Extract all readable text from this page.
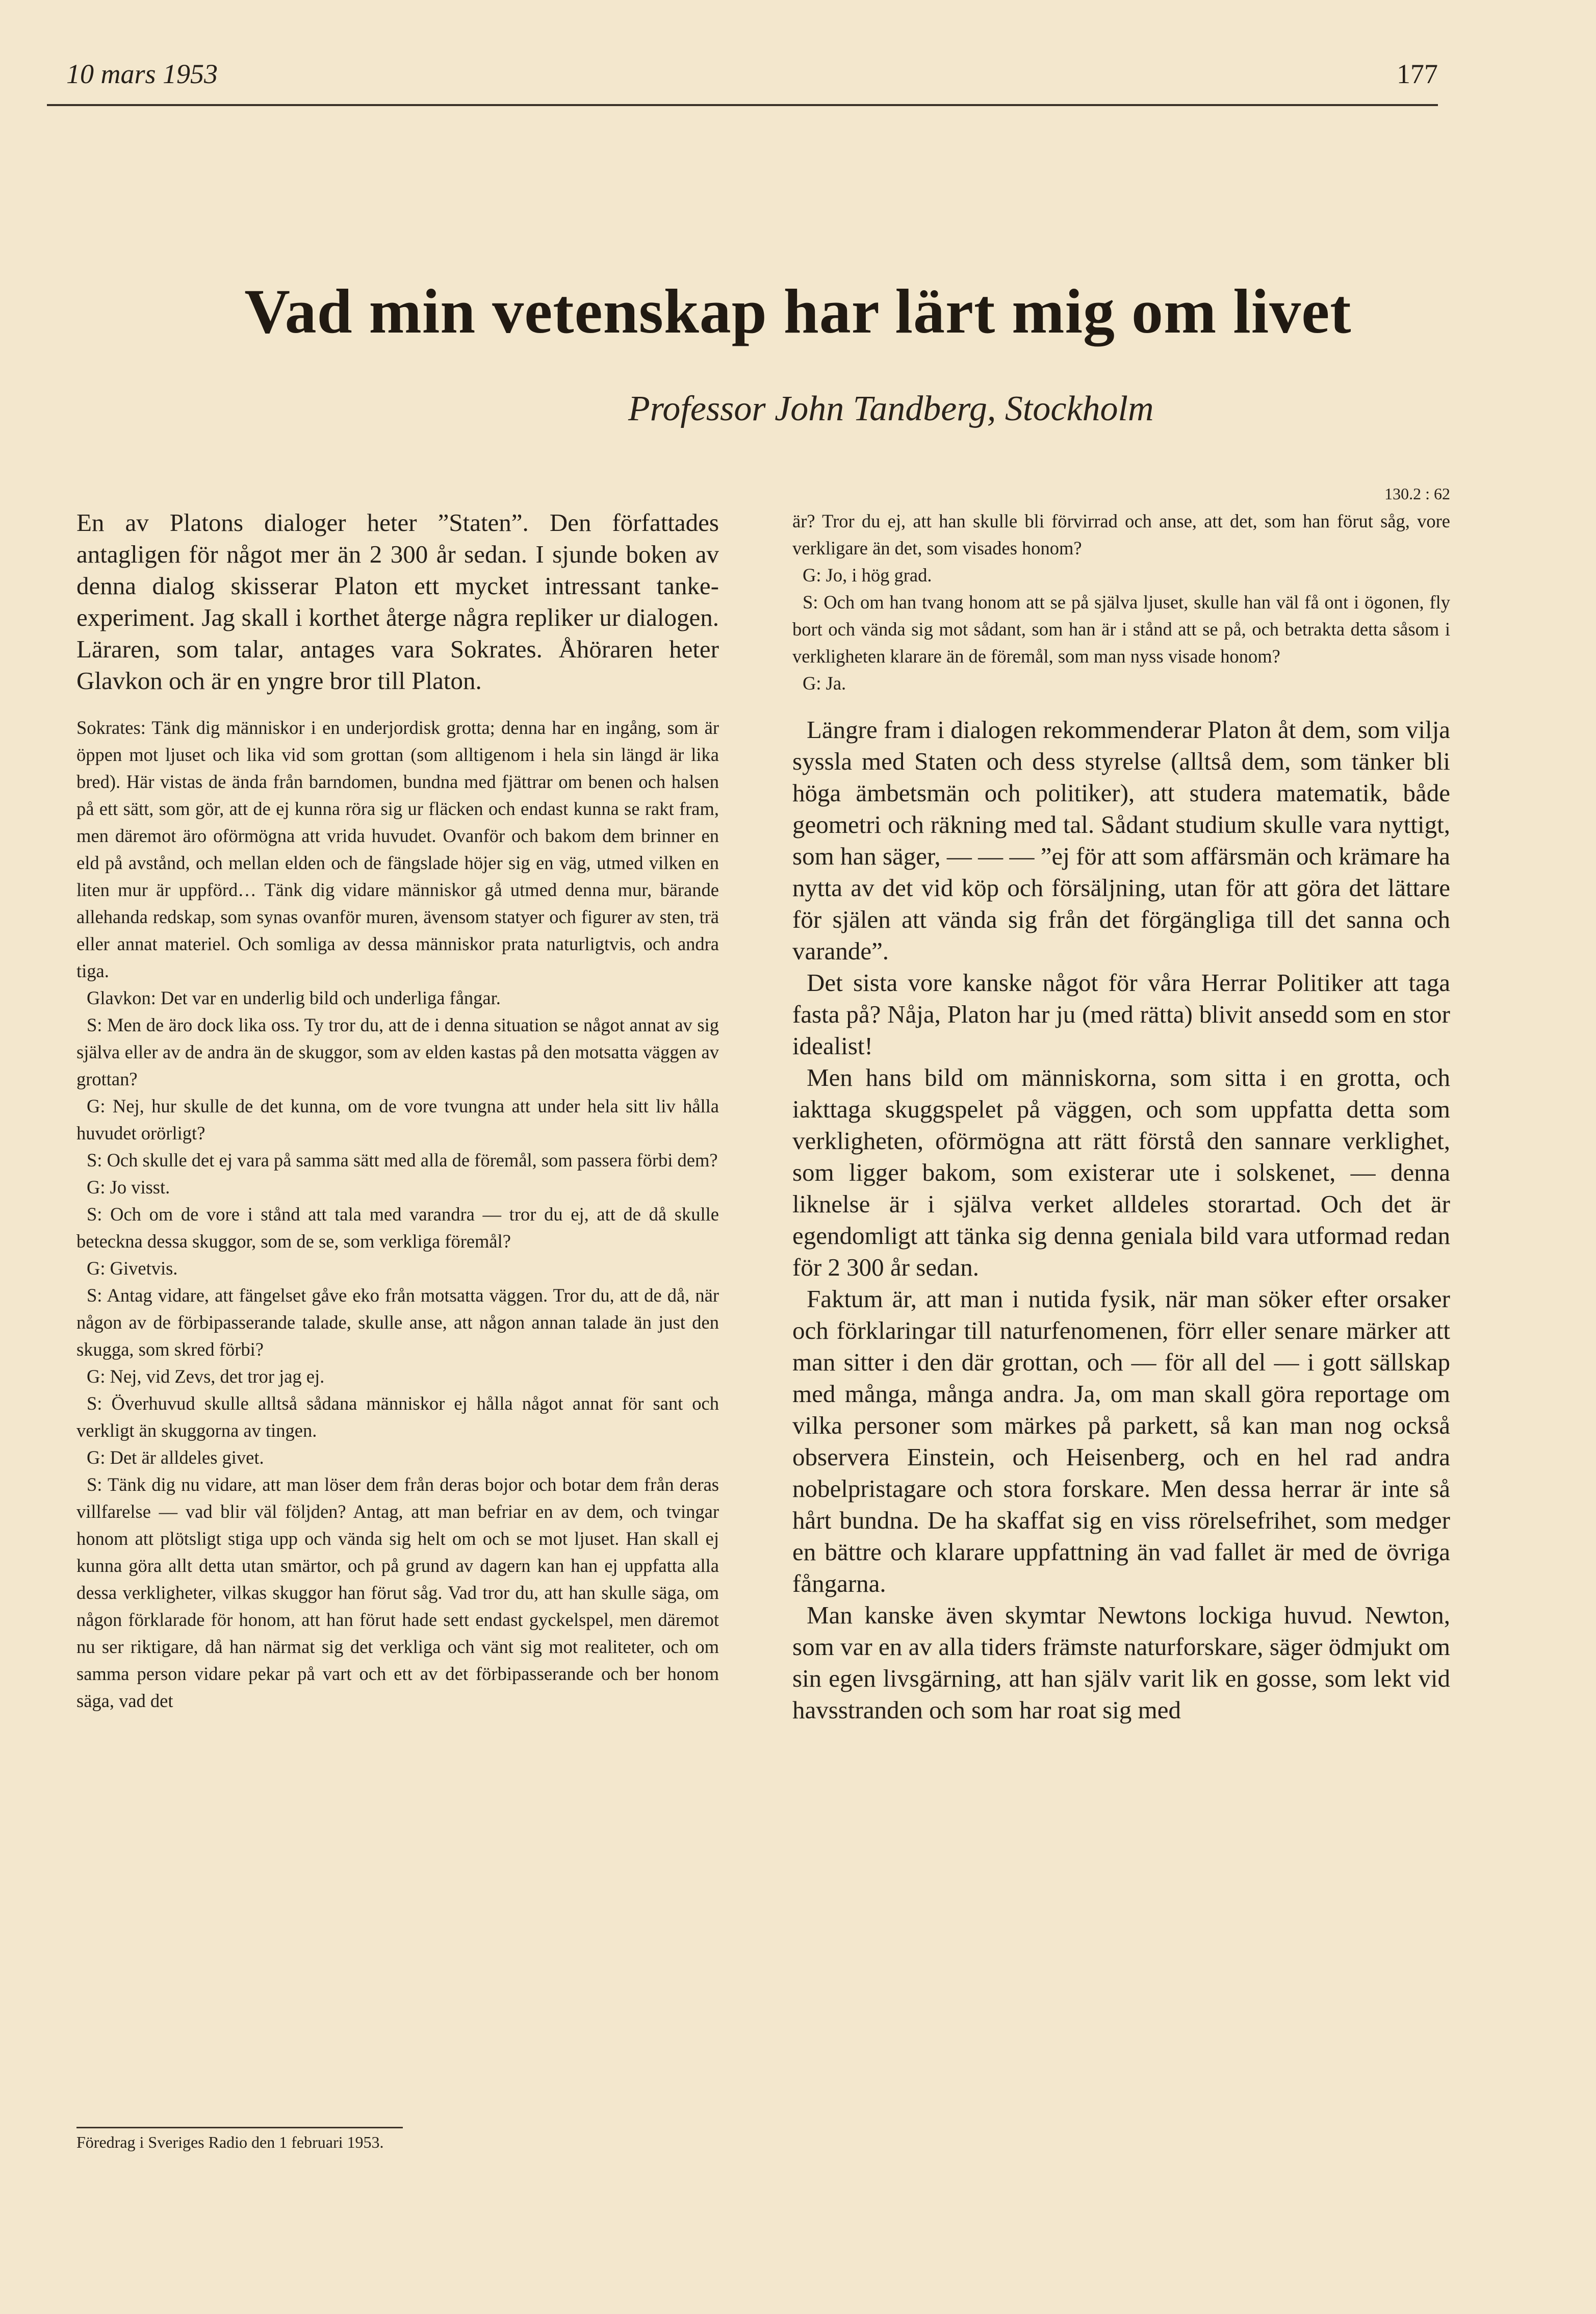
10 mars 1953	177
Vad min vetenskap har lärt mig om livet
Professor John Tandberg, Stockholm

En av Platons dialoger heter ”Staten”. Den författades antagligen för något mer än 2 300 år sedan. I sjunde boken av denna dialog skisserar Platon ett mycket intressant tanke-experiment. Jag skall i korthet återge några repliker ur dialogen. Läraren, som talar, antages vara Sokrates. Åhöraren heter Glavkon och är en yngre bror till Platon.

Sokrates: Tänk dig människor i en underjordisk grotta; denna har en ingång, som är öppen mot ljuset och lika vid som grottan (som alltigenom i hela sin längd är lika bred). Här vistas de ända från barndomen, bundna med fjättrar om benen och halsen på ett sätt, som gör, att de ej kunna röra sig ur fläcken och endast kunna se rakt fram, men däremot äro oförmögna att vrida huvudet. Ovanför och bakom dem brinner en eld på avstånd, och mellan elden och de fängslade höjer sig en väg, utmed vilken en liten mur är uppförd… Tänk dig vidare människor gå utmed denna mur, bärande allehanda redskap, som synas ovanför muren, ävensom statyer och figurer av sten, trä eller annat materiel. Och somliga av dessa människor prata naturligtvis, och andra tiga.

Glavkon: Det var en underlig bild och underliga fångar.

S: Men de äro dock lika oss. Ty tror du, att de i denna situation se något annat av sig själva eller av de andra än de skuggor, som av elden kastas på den motsatta väggen av grottan?

G: Nej, hur skulle de det kunna, om de vore tvungna att under hela sitt liv hålla huvudet orörligt?

S: Och skulle det ej vara på samma sätt med alla de föremål, som passera förbi dem?

G: Jo visst.

S: Och om de vore i stånd att tala med varandra — tror du ej, att de då skulle beteckna dessa skuggor, som de se, som verkliga föremål?

G: Givetvis.

S: Antag vidare, att fängelset gåve eko från motsatta väggen. Tror du, att de då, när någon av de förbipasserande talade, skulle anse, att någon annan talade än just den skugga, som skred förbi?

G: Nej, vid Zevs, det tror jag ej.

S: Överhuvud skulle alltså sådana människor ej hålla något annat för sant och verkligt än skuggorna av tingen.

G: Det är alldeles givet.

S: Tänk dig nu vidare, att man löser dem från deras bojor och botar dem från deras villfarelse — vad blir väl följden? Antag, att man befriar en av dem, och tvingar honom att plötsligt stiga upp och vända sig helt om och se mot ljuset. Han skall ej kunna göra allt detta utan smärtor, och på grund av dagern kan han ej uppfatta alla dessa verkligheter, vilkas skuggor han förut såg. Vad tror du, att han skulle säga, om någon förklarade för honom, att han förut hade sett endast gyckelspel, men däremot nu ser riktigare, då han närmat sig det verkliga och vänt sig mot realiteter, och om samma person vidare pekar på vart och ett av det förbipasserande och ber honom säga, vad det

130.2 : 62

är? Tror du ej, att han skulle bli förvirrad och anse, att det, som han förut såg, vore verkligare än det, som visades honom?

G: Jo, i hög grad.

S: Och om han tvang honom att se på själva ljuset, skulle han väl få ont i ögonen, fly bort och vända sig mot sådant, som han är i stånd att se på, och betrakta detta såsom i verkligheten klarare än de föremål, som man nyss visade honom?

G: Ja.

Längre fram i dialogen rekommenderar Platon åt dem, som vilja syssla med Staten och dess styrelse (alltså dem, som tänker bli höga ämbetsmän och politiker), att studera matematik, både geometri och räkning med tal. Sådant studium skulle vara nyttigt, som han säger, — — — ”ej för att som affärsmän och krämare ha nytta av det vid köp och försäljning, utan för att göra det lättare för själen att vända sig från det förgängliga till det sanna och varande”.

Det sista vore kanske något för våra Herrar Politiker att taga fasta på? Nåja, Platon har ju (med rätta) blivit ansedd som en stor idealist!

Men hans bild om människorna, som sitta i en grotta, och iakttaga skuggspelet på väggen, och som uppfatta detta som verkligheten, oförmögna att rätt förstå den sannare verklighet, som ligger bakom, som existerar ute i solskenet, — denna liknelse är i själva verket alldeles storartad. Och det är egendomligt att tänka sig denna geniala bild vara utformad redan för 2 300 år sedan.

Faktum är, att man i nutida fysik, när man söker efter orsaker och förklaringar till naturfenomenen, förr eller senare märker att man sitter i den där grottan, och — för all del — i gott sällskap med många, många andra. Ja, om man skall göra reportage om vilka personer som märkes på parkett, så kan man nog också observera Einstein, och Heisenberg, och en hel rad andra nobelpristagare och stora forskare. Men dessa herrar är inte så hårt bundna. De ha skaffat sig en viss rörelsefrihet, som medger en bättre och klarare uppfattning än vad fallet är med de övriga fångarna.

Man kanske även skymtar Newtons lockiga huvud. Newton, som var en av alla tiders främste naturforskare, säger ödmjukt om sin egen livsgärning, att han själv varit lik en gosse, som lekt vid havsstranden och som har roat sig med

Föredrag i Sveriges Radio den 1 februari 1953.
